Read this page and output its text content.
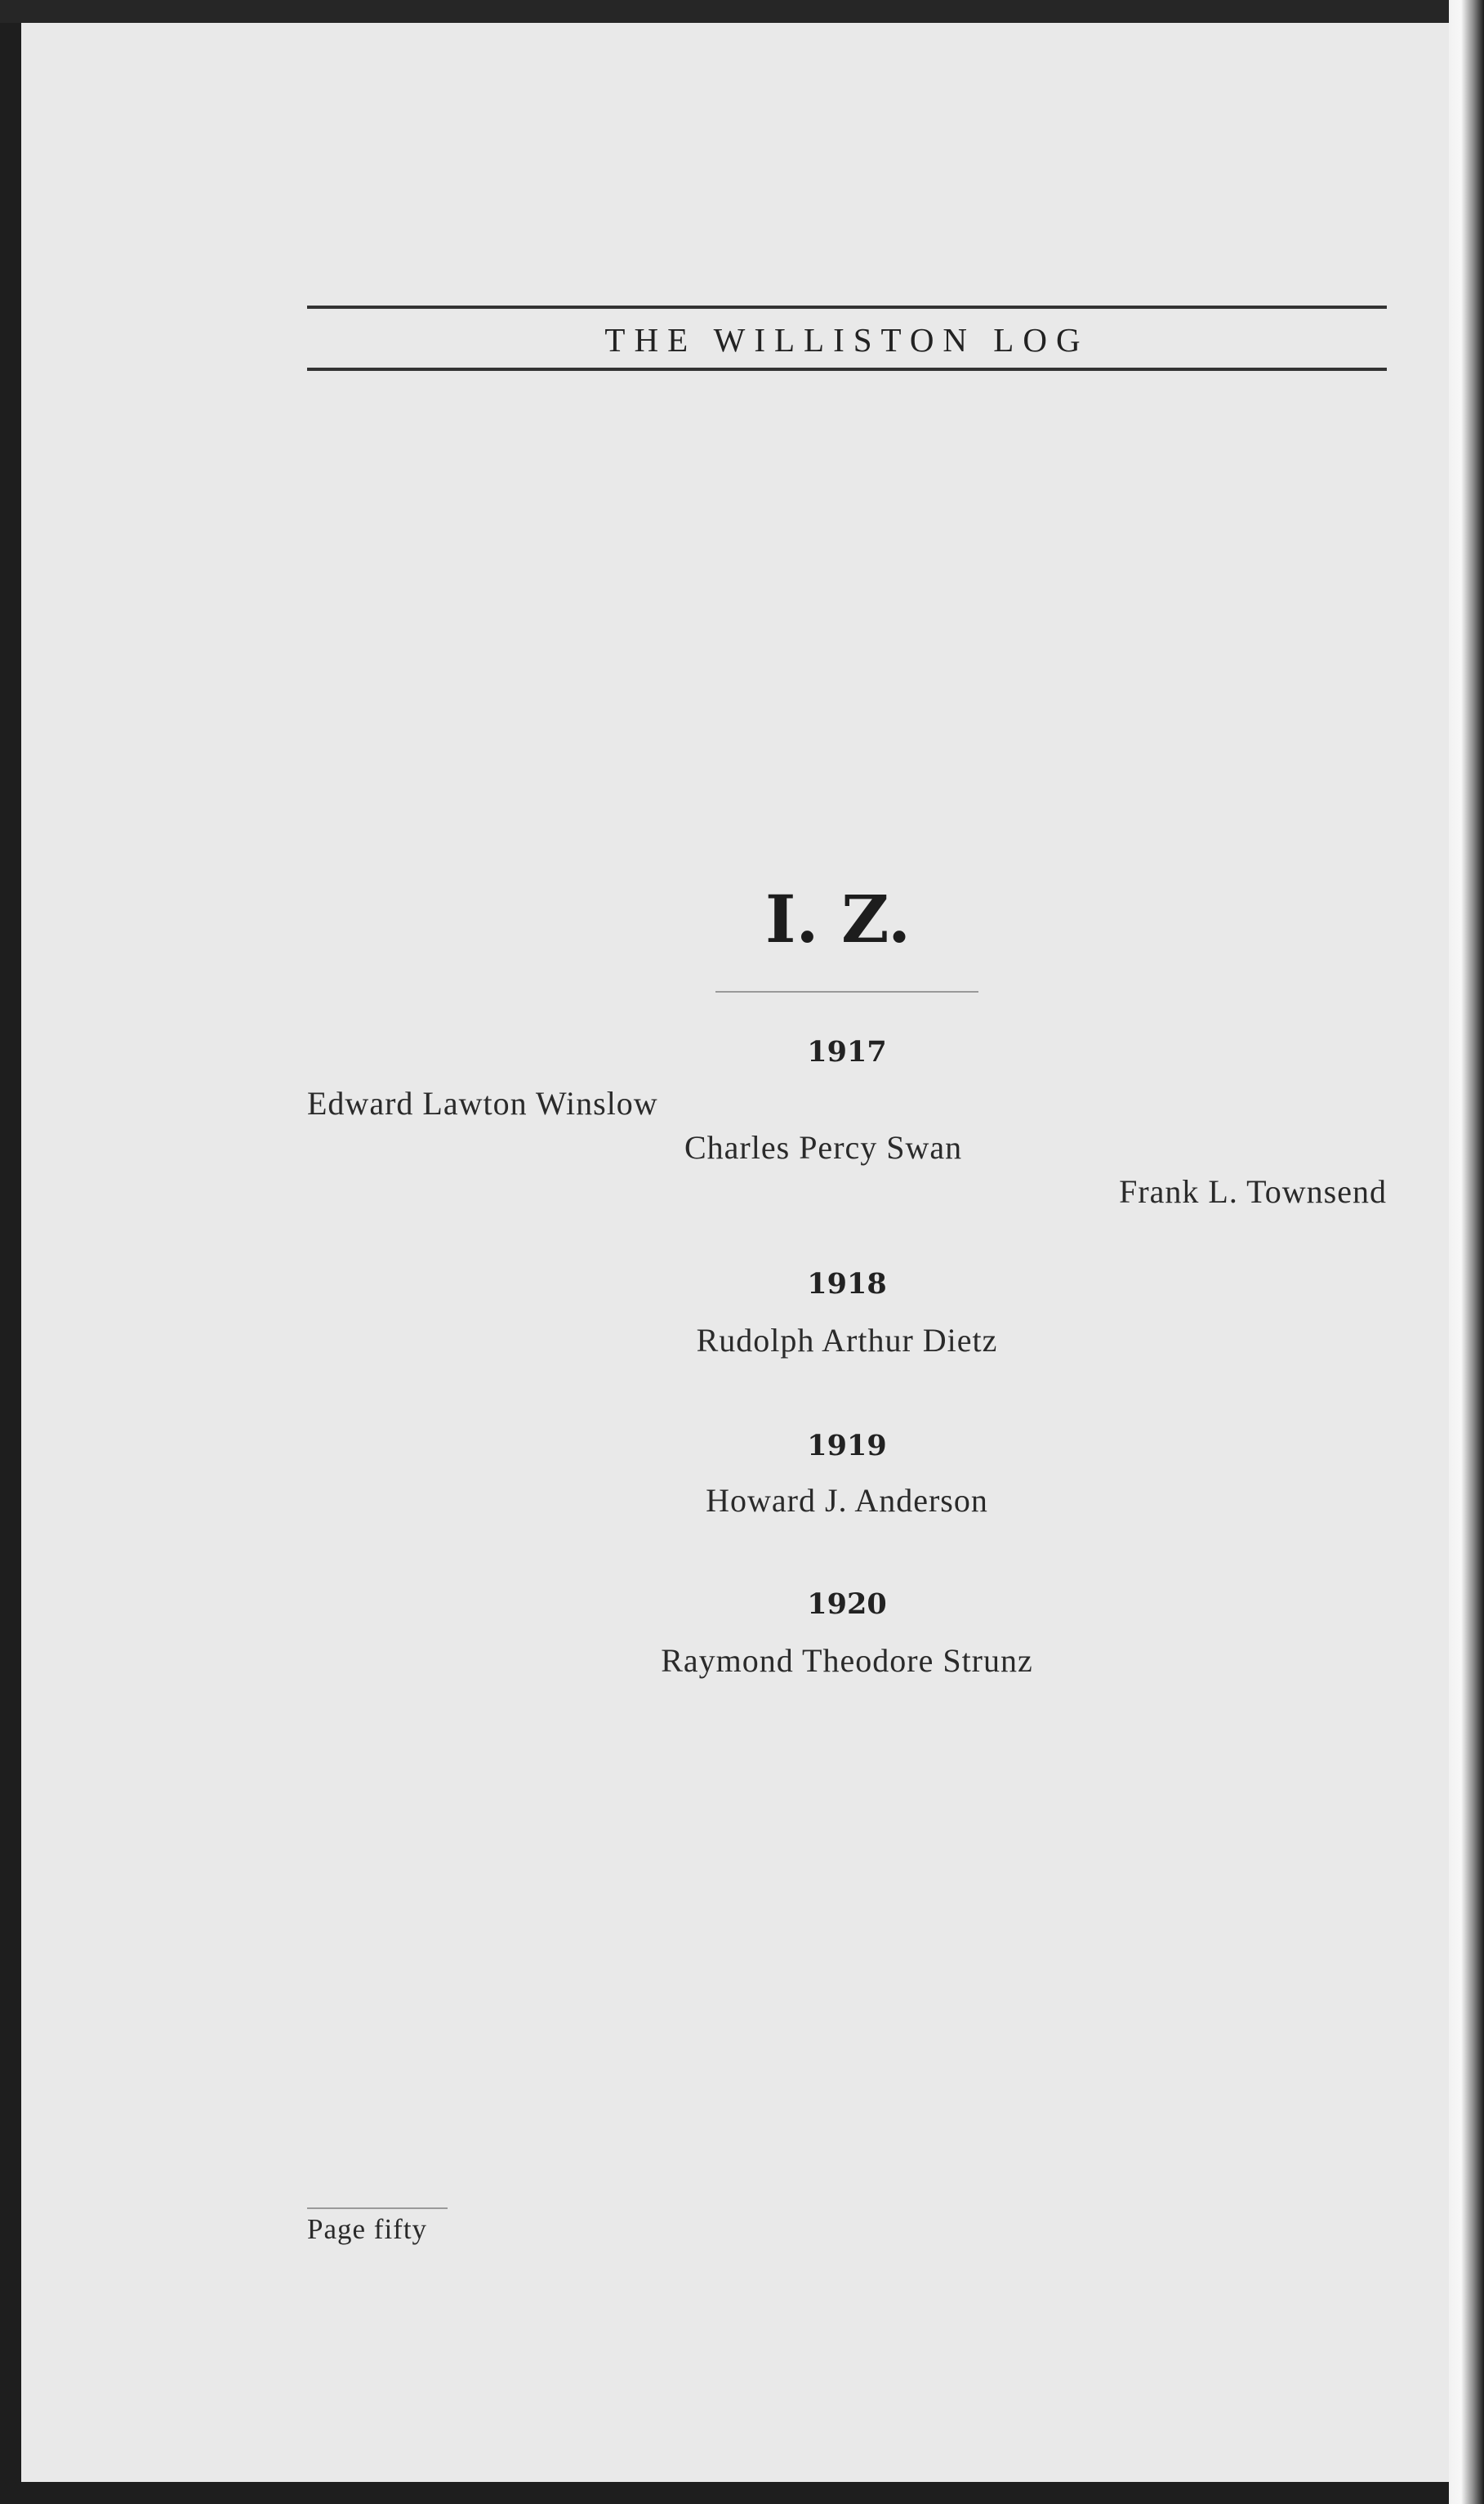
THE WILLISTON LOG
I. Z.
1917
Edward Lawton Winslow
Charles Percy Swan
Frank L. Townsend
1918
Rudolph Arthur Dietz
1919
Howard J. Anderson
1920
Raymond Theodore Strunz
Page fifty
